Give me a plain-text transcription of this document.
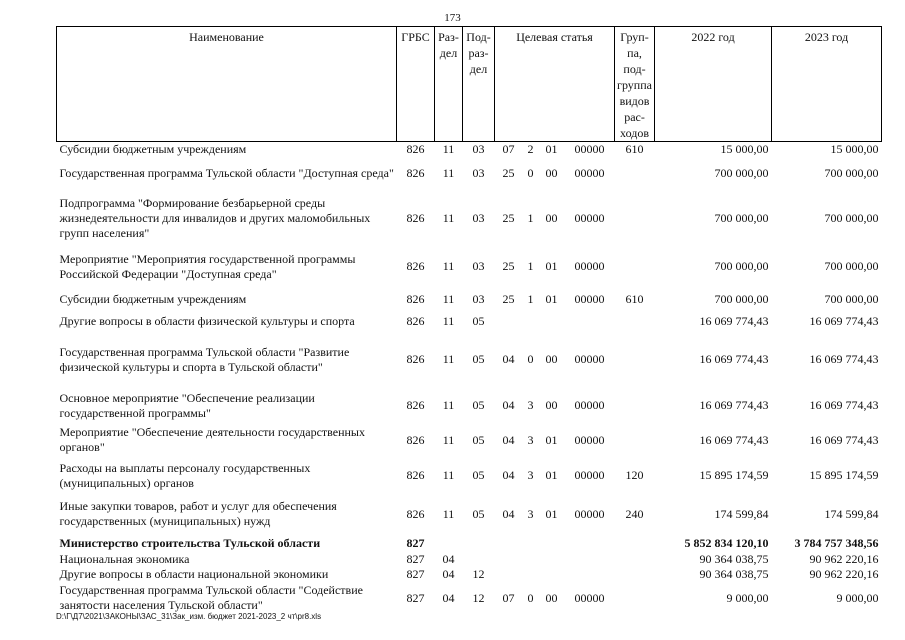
173
Наименование	ГРБС	Раз-дел	Под-раз-дел	Целевая статья				Груп-па, под-группа видов рас-ходов	2022 год	2023 год
Субсидии бюджетным учреждениям	826	11	03	07	2	01	00000	610	15 000,00	15 000,00
Государственная программа Тульской области "Доступная среда"	826	11	03	25	0	00	00000		700 000,00	700 000,00
Подпрограмма "Формирование безбарьерной среды жизнедеятельности для инвалидов и других маломобильных групп населения"	826	11	03	25	1	00	00000		700 000,00	700 000,00
Мероприятие "Мероприятия государственной программы Российской Федерации "Доступная среда"	826	11	03	25	1	01	00000		700 000,00	700 000,00
Субсидии бюджетным учреждениям	826	11	03	25	1	01	00000	610	700 000,00	700 000,00
Другие вопросы в области физической культуры и спорта	826	11	05						16 069 774,43	16 069 774,43
Государственная программа Тульской области "Развитие физической культуры и спорта в Тульской области"	826	11	05	04	0	00	00000		16 069 774,43	16 069 774,43
Основное мероприятие "Обеспечение реализации государственной программы"	826	11	05	04	3	00	00000		16 069 774,43	16 069 774,43
Мероприятие "Обеспечение деятельности государственных органов"	826	11	05	04	3	01	00000		16 069 774,43	16 069 774,43
Расходы на выплаты персоналу государственных (муниципальных) органов	826	11	05	04	3	01	00000	120	15 895 174,59	15 895 174,59
Иные закупки товаров, работ и услуг для обеспечения государственных (муниципальных) нужд	826	11	05	04	3	01	00000	240	174 599,84	174 599,84
Министерство строительства Тульской области	827								5 852 834 120,10	3 784 757 348,56
Национальная экономика	827	04							90 364 038,75	90 962 220,16
Другие вопросы в области национальной экономики	827	04	12						90 364 038,75	90 962 220,16
Государственная программа Тульской области "Содействие занятости населения Тульской области"	827	04	12	07	0	00	00000		9 000,00	9 000,00
D:\Г\Д7\2021\ЗАКОНЫ\ЗАС_31\Зак_изм. бюджет 2021-2023_2 чт\pr8.xls
